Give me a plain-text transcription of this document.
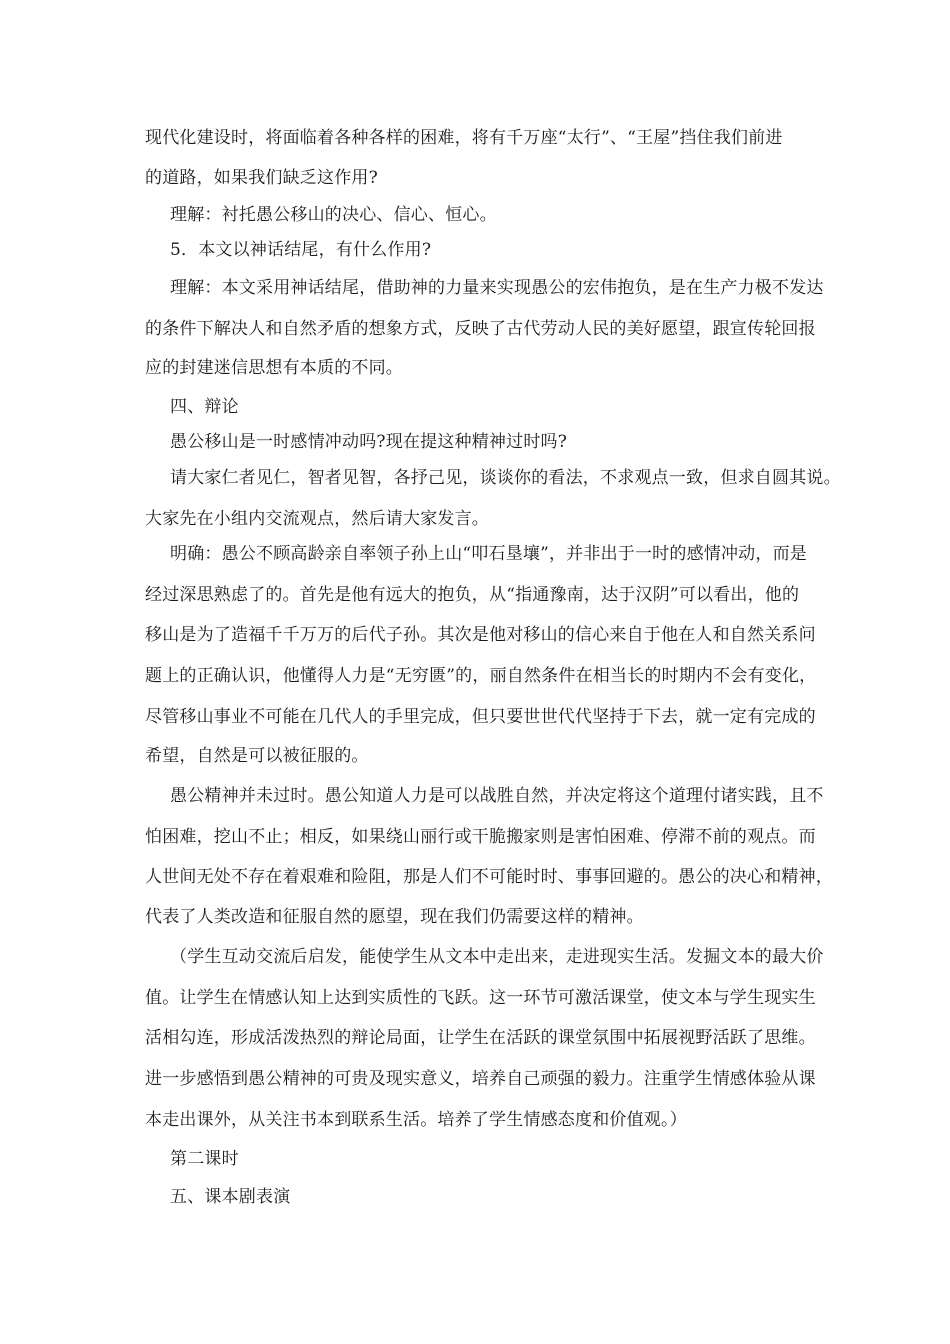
现代化建设时，将面临着各种各样的困难，将有千万座“太行”、“王屋”挡住我们前进
的道路，如果我们缺乏这作用?
理解：衬托愚公移山的决心、信心、恒心。
5．本文以神话结尾，有什么作用?
理解：本文采用神话结尾，借助神的力量来实现愚公的宏伟抱负，是在生产力极不发达
的条件下解决人和自然矛盾的想象方式，反映了古代劳动人民的美好愿望，跟宣传轮回报
应的封建迷信思想有本质的不同。
四、辩论
愚公移山是一时感情冲动吗?现在提这种精神过时吗?
请大家仁者见仁，智者见智，各抒己见，谈谈你的看法，不求观点一致，但求自圆其说。
大家先在小组内交流观点，然后请大家发言。
明确：愚公不顾高龄亲自率领子孙上山“叩石垦壤”，并非出于一时的感情冲动，而是
经过深思熟虑了的。首先是他有远大的抱负，从“指通豫南，达于汉阴”可以看出，他的
移山是为了造福千千万万的后代子孙。其次是他对移山的信心来自于他在人和自然关系问
题上的正确认识，他懂得人力是“无穷匮”的，丽自然条件在相当长的时期内不会有变化，
尽管移山事业不可能在几代人的手里完成，但只要世世代代坚持于下去，就一定有完成的
希望，自然是可以被征服的。
愚公精神并未过时。愚公知道人力是可以战胜自然，并决定将这个道理付诸实践，且不
怕困难，挖山不止；相反，如果绕山丽行或干脆搬家则是害怕困难、停滞不前的观点。而
人世间无处不存在着艰难和险阻，那是人们不可能时时、事事回避的。愚公的决心和精神，
代表了人类改造和征服自然的愿望，现在我们仍需要这样的精神。
（学生互动交流后启发，能使学生从文本中走出来，走进现实生活。发掘文本的最大价
值。让学生在情感认知上达到实质性的飞跃。这一环节可激活课堂，使文本与学生现实生
活相勾连，形成活泼热烈的辩论局面，让学生在活跃的课堂氛围中拓展视野活跃了思维。
进一步感悟到愚公精神的可贵及现实意义，培养自己顽强的毅力。注重学生情感体验从课
本走出课外，从关注书本到联系生活。培养了学生情感态度和价值观。）
第二课时
五、课本剧表演
